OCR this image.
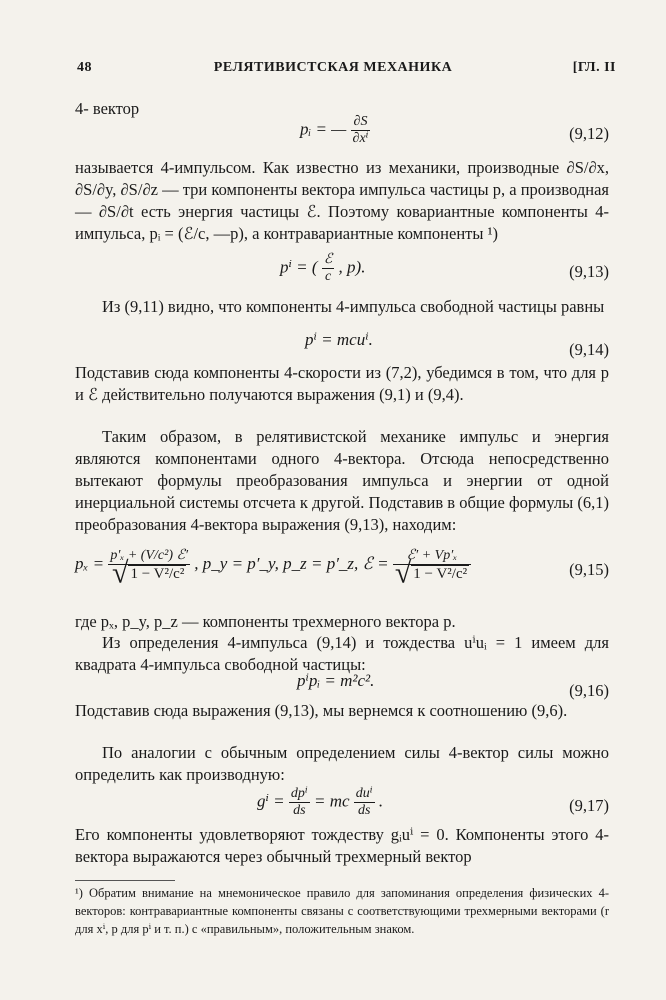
48	РЕЛЯТИВИСТСКАЯ МЕХАНИКА	[ГЛ. II
4- вектор
pᵢ = — $\frac{\partial S}{\text{∂xⁱ}}$	(9,12)
называется 4-импульсом. Как известно из механики, производные ∂S/∂x, ∂S/∂y, ∂S/∂z — три компоненты вектора импульса частицы p, а производная — ∂S/∂t есть энергия частицы ℰ. Поэтому ковариантные компоненты 4-импульса, pᵢ = (ℰ/c, —p), а контравариантные компоненты ¹)
pⁱ = ( $\frac{\text{ℰ}}{c}$ , p).	(9,13)
Из (9,11) видно, что компоненты 4-импульса свободной частицы равны
pⁱ = mcuⁱ.
(9,14)
Подставив сюда компоненты 4-скорости из (7,2), убедимся в том, что для p и ℰ действительно получаются выражения (9,1) и (9,4).
Таким образом, в релятивистской механике импульс и энергия являются компонентами одного 4-вектора. Отсюда непосредственно вытекают формулы преобразования импульса и энергии от одной инерциальной системы отсчета к другой. Подставив в общие формулы (6,1) преобразования 4-вектора выражения (9,13), находим:
$p_x = \frac{\text{p′ₓ + (V/c²) ℰ′}}{\text{√ 1 − V²/c²}}$ , p_y = p′_y, p_z = p′_z, ℰ = $\frac{\text{ℰ′ + Vp′ₓ}}{\text{√ 1 − V²/c²}}$	(9,15)
где pₓ, p_y, p_z — компоненты трехмерного вектора p.
Из определения 4-импульса (9,14) и тождества uⁱuᵢ = 1 имеем для квадрата 4-импульса свободной частицы:
pⁱpᵢ = m²c².
(9,16)
Подставив сюда выражения (9,13), мы вернемся к соотношению (9,6).
По аналогии с обычным определением силы 4-вектор силы можно определить как производную:
$g^i = \frac{\text{dpⁱ}}{ds}$ = mc $\frac{\text{duⁱ}}{ds}$ .	(9,17)
Его компоненты удовлетворяют тождеству gᵢuⁱ = 0. Компоненты этого 4-вектора выражаются через обычный трехмерный вектор
¹) Обратим внимание на мнемоническое правило для запоминания определения физических 4-векторов: контравариантные компоненты связаны с соответствующими трехмерными векторами (r для xⁱ, p для pⁱ и т. п.) с «правильным», положительным знаком.
